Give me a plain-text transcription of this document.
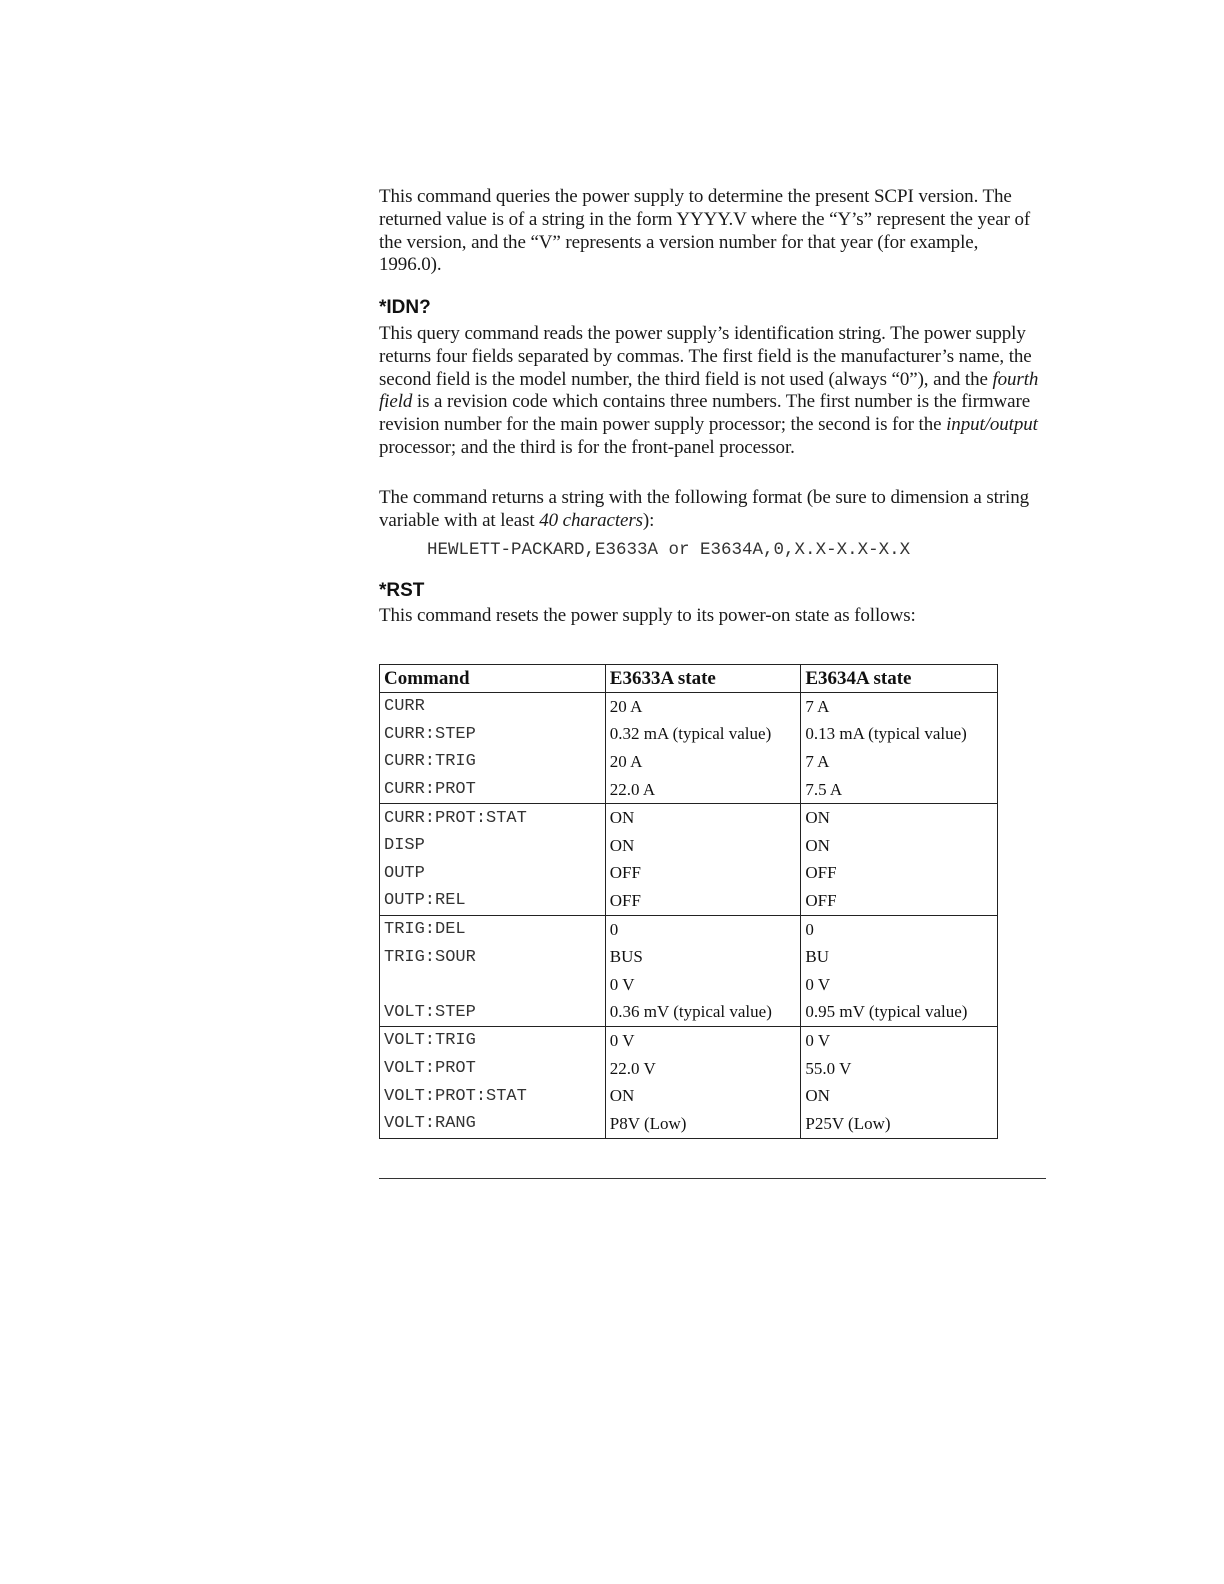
This command queries the power supply to determine the present SCPI version. The returned value is of a string in the form YYYY.V where the “Y’s” represent the year of the version, and the “V” represents a version number for that year (for example, 1996.0).

*IDN?

This query command reads the power supply’s identification string. The power supply returns four fields separated by commas. The first field is the manufacturer’s name, the second field is the model number, the third field is not used (always “0”), and the fourth field is a revision code which contains three numbers. The first number is the firmware revision number for the main power supply processor; the second is for the input/output processor; and the third is for the front-panel processor.

The command returns a string with the following format (be sure to dimension a string variable with at least 40 characters):

HEWLETT-PACKARD,E3633A or E3634A,0,X.X-X.X-X.X
*RST

This command resets the power supply to its power-on state as follows:

Command	E3633A state	E3634A state
CURR	20 A	7 A
CURR:STEP	0.32 mA (typical value)	0.13 mA (typical value)
CURR:TRIG	20 A	7 A
CURR:PROT	22.0 A	7.5 A
CURR:PROT:STAT	ON	ON
DISP	ON	ON
OUTP	OFF	OFF
OUTP:REL	OFF	OFF
TRIG:DEL	0	0
TRIG:SOUR	BUS	BU
	0 V	0 V
VOLT:STEP	0.36 mV (typical value)	0.95 mV (typical value)
VOLT:TRIG	0 V	0 V
VOLT:PROT	22.0 V	55.0 V
VOLT:PROT:STAT	ON	ON
VOLT:RANG	P8V (Low)	P25V (Low)
